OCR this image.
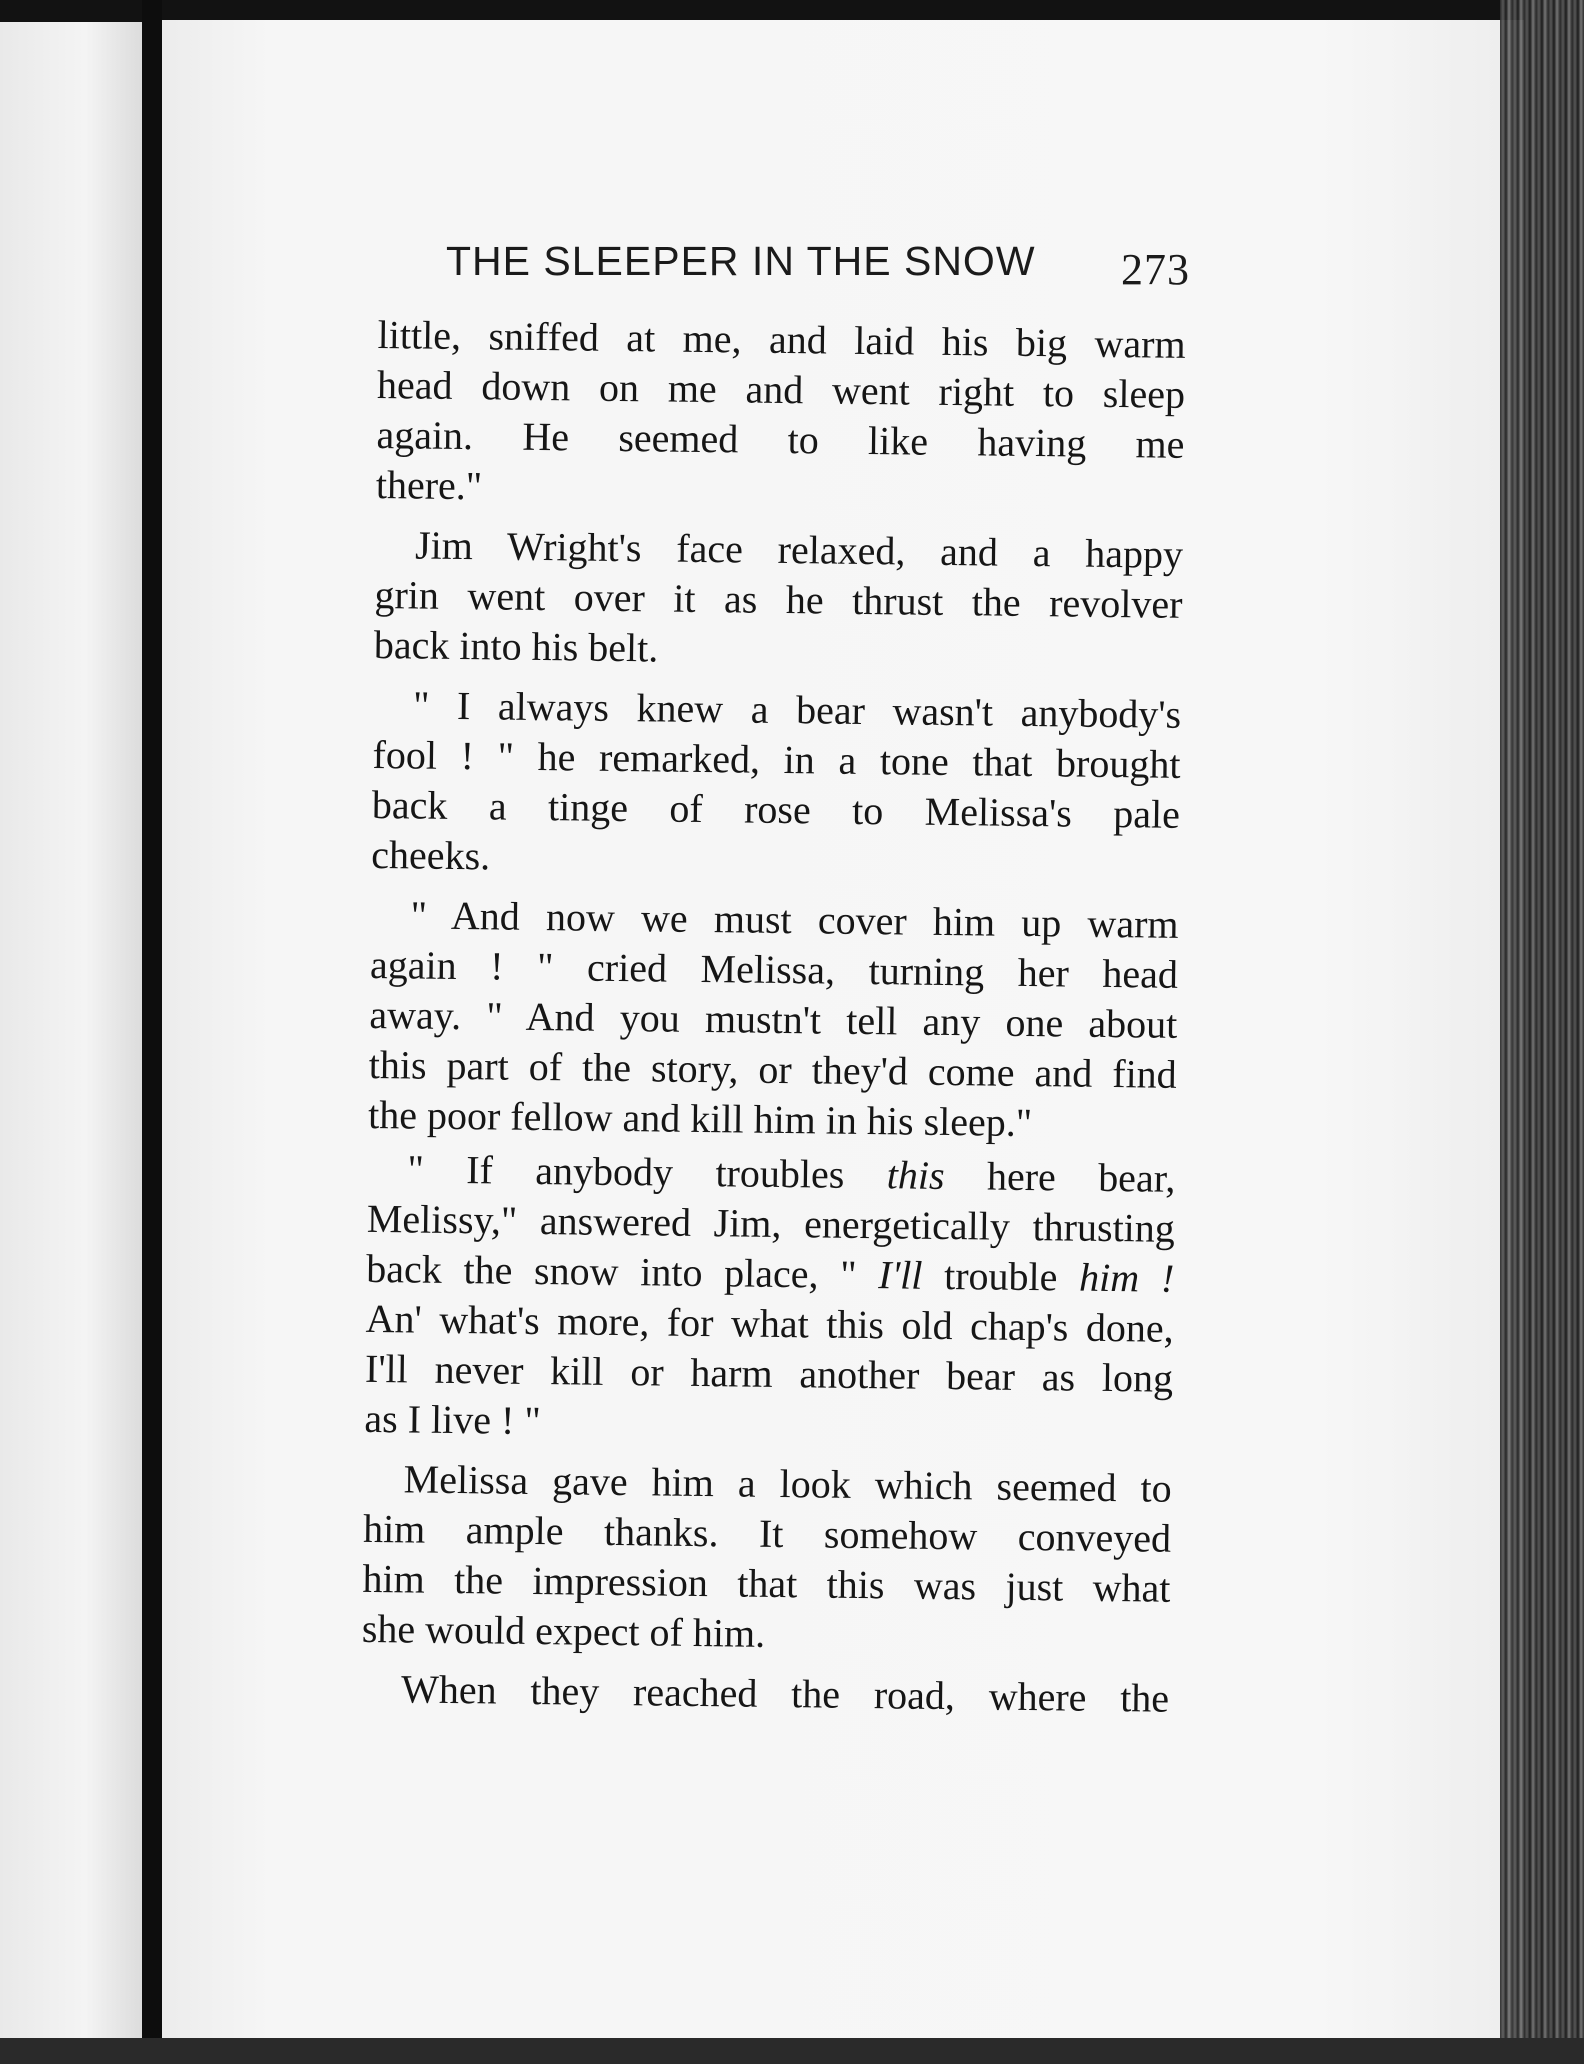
THE SLEEPER IN THE SNOW 273
little, sniffed at me, and laid his big warm
head down on me and went right to sleep
again. He seemed to like having me
there."
Jim Wright's face relaxed, and a happy
grin went over it as he thrust the revolver
back into his belt.
" I always knew a bear wasn't anybody's
fool ! " he remarked, in a tone that brought
back a tinge of rose to Melissa's pale
cheeks.
" And now we must cover him up warm
again ! " cried Melissa, turning her head
away. " And you mustn't tell any one about
this part of the story, or they'd come and find
the poor fellow and kill him in his sleep."
" If anybody troubles this here bear,
Melissy," answered Jim, energetically thrusting
back the snow into place, " I'll trouble him !
An' what's more, for what this old chap's done,
I'll never kill or harm another bear as long
as I live ! "
Melissa gave him a look which seemed to
him ample thanks. It somehow conveyed
him the impression that this was just what
she would expect of him.
When they reached the road, where the
